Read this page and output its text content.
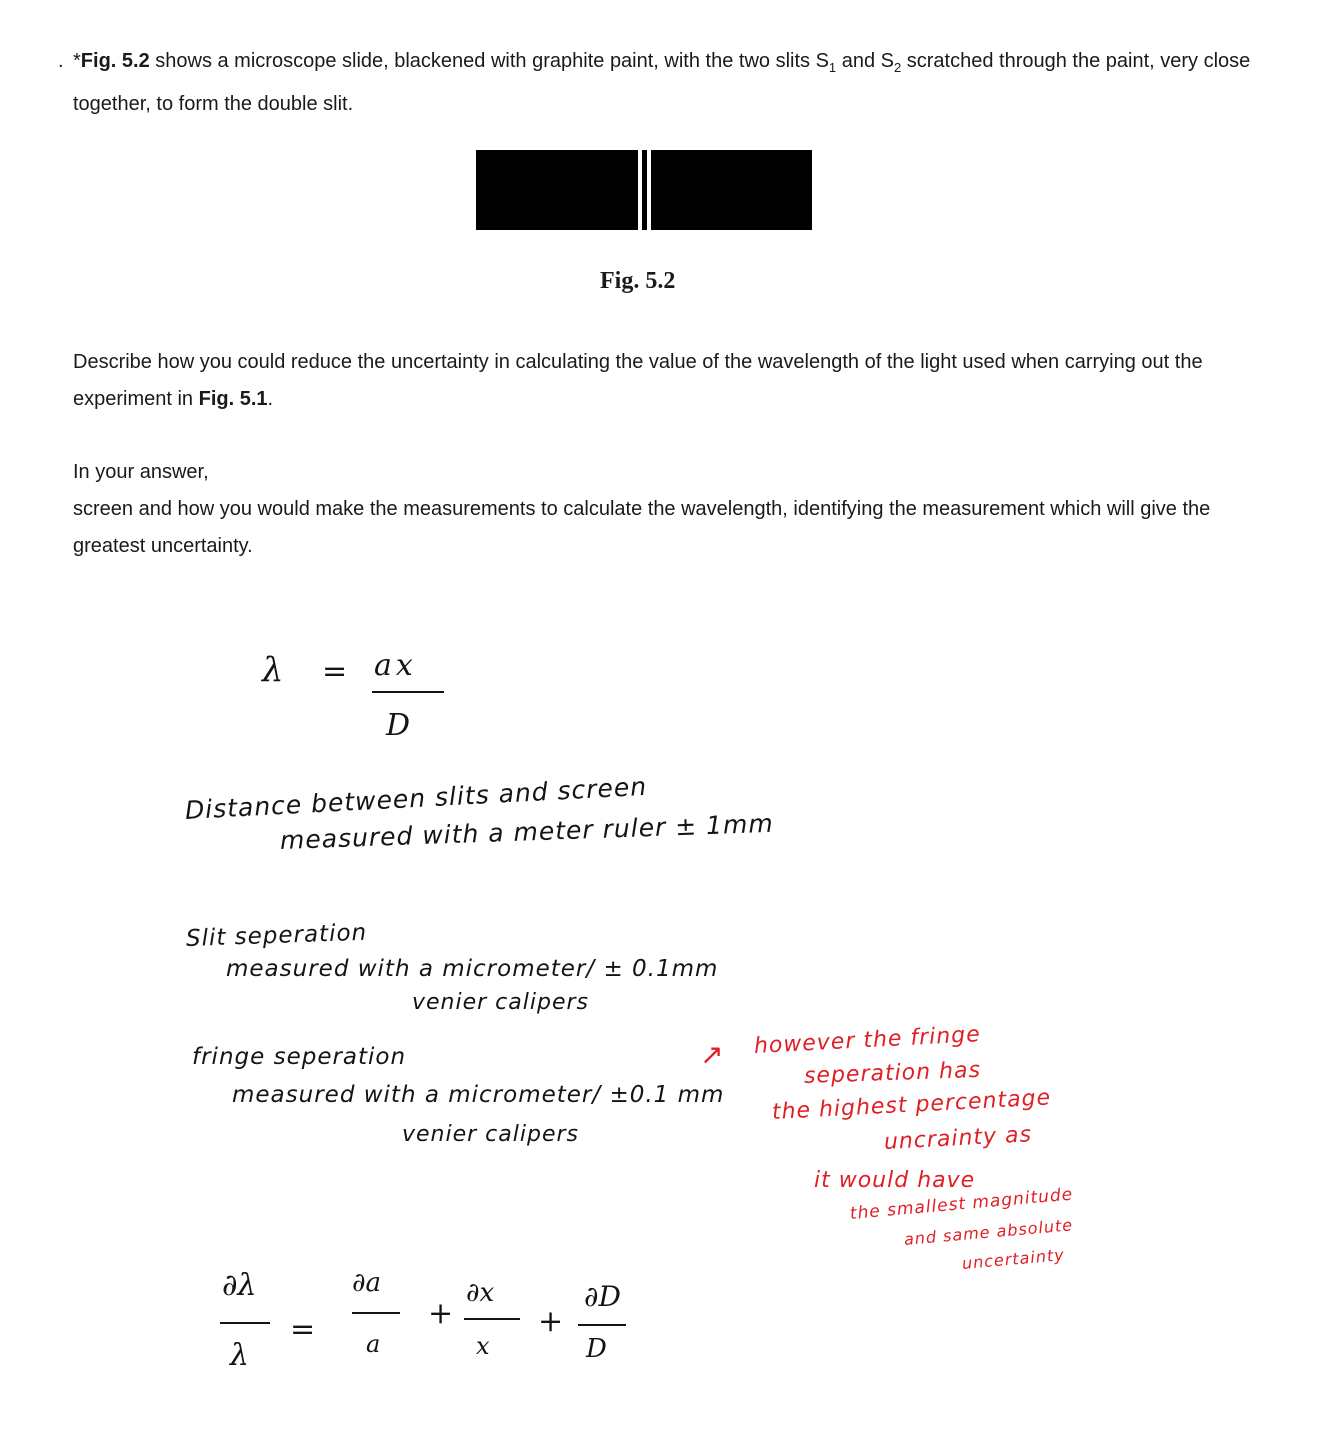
. *Fig. 5.2 shows a microscope slide, blackened with graphite paint, with the two slits $S_1$ and $S_2$ scratched through the paint, very close together, to form the double slit.
Fig. 5.2
Describe how you could reduce the uncertainty in calculating the value of the wavelength of the light used when carrying out the experiment in Fig. 5.1.
In your answer,
screen and how you would make the measurements to calculate the wavelength, identifying the measurement which will give the greatest uncertainty.
λ = ax
D
Distance between slits and screen
measured with a meter ruler ± 1mm
Slit seperation
measured with a micrometer/ ± 0.1mm
venier calipers
fringe seperation
measured with a micrometer/ ±0.1 mm
venier calipers
↗ however the fringe
seperation has
the highest percentage
uncrainty as
it would have
the smallest magnitude
and same absolute
uncertainty
∂λ
λ
=
∂a
a
+
∂x
x
+
∂D
D
